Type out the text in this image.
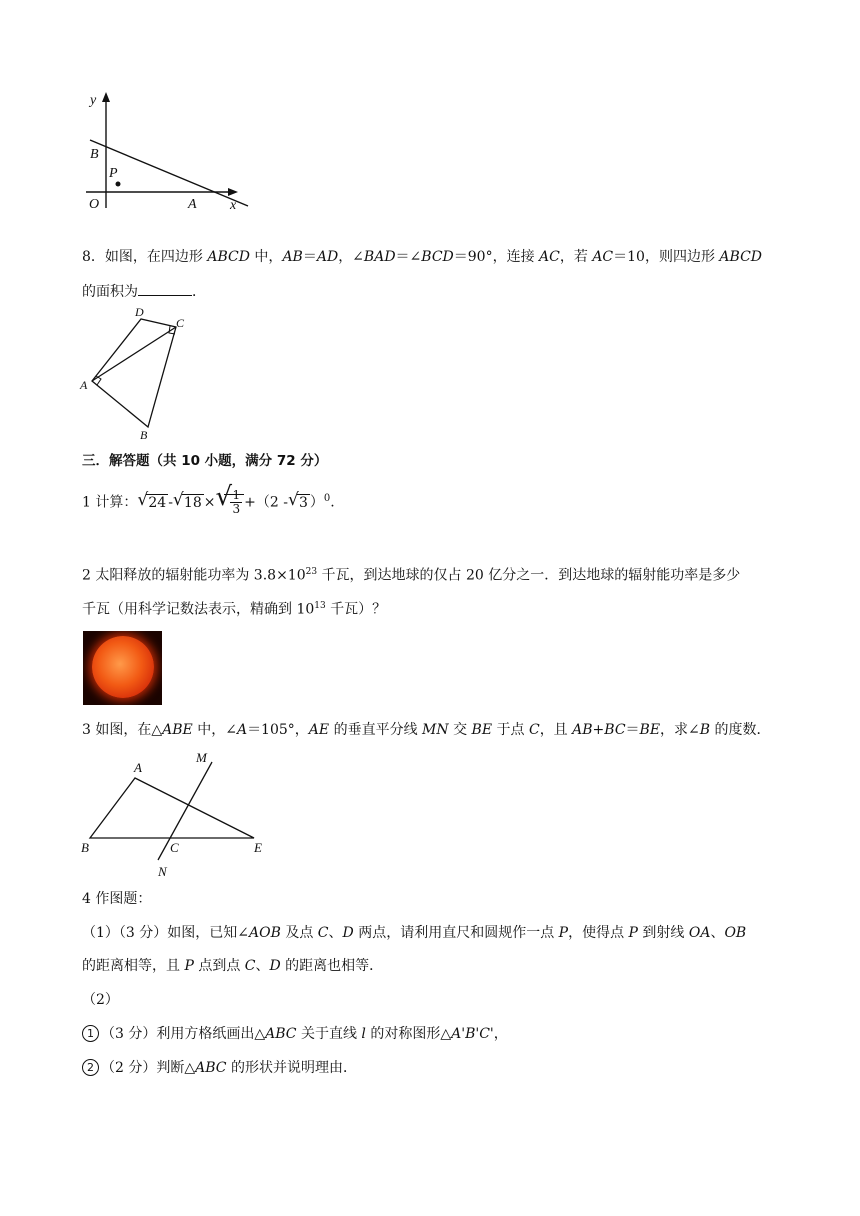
y
B
P
O	A x
8．如图，在四边形 ABCD 中，AB＝AD，∠BAD＝∠BCD＝90°，连接 AC，若 AC＝10，则四边形 ABCD
的面积为	．
D
C
A
B
三．解答题（共 10 小题，满分 72 分）
1 计算： √ 24 - √ 18 × √
$\frac{1}{3} +(2$ - √ 3 ）$^0$.
2 太阳释放的辐射能功率为 $3.8\times 10^{23}$ 千瓦，到达地球的仅占 20 亿分之一．到达地球的辐射能功率是多少
千瓦（用科学记数法表示，精确到 $10^{13}$ 千瓦）？
3 如图，在△ABE 中，∠A＝105°，AE 的垂直平分线 MN 交 BE 于点 C，且 AB+BC＝BE，求∠B 的度数．
A
M
B	C	E
N
4 作图题：
（1）（3 分）如图，已知∠AOB 及点 C、D 两点，请利用直尺和圆规作一点 P，使得点 P 到射线 OA、OB
的距离相等，且 P 点到点 C、D 的距离也相等．
（2）
1 （3 分）利用方格纸画出△ABC 关于直线 l 的对称图形△A'B'C'，
2 （2 分）判断△ABC 的形状并说明理由．
